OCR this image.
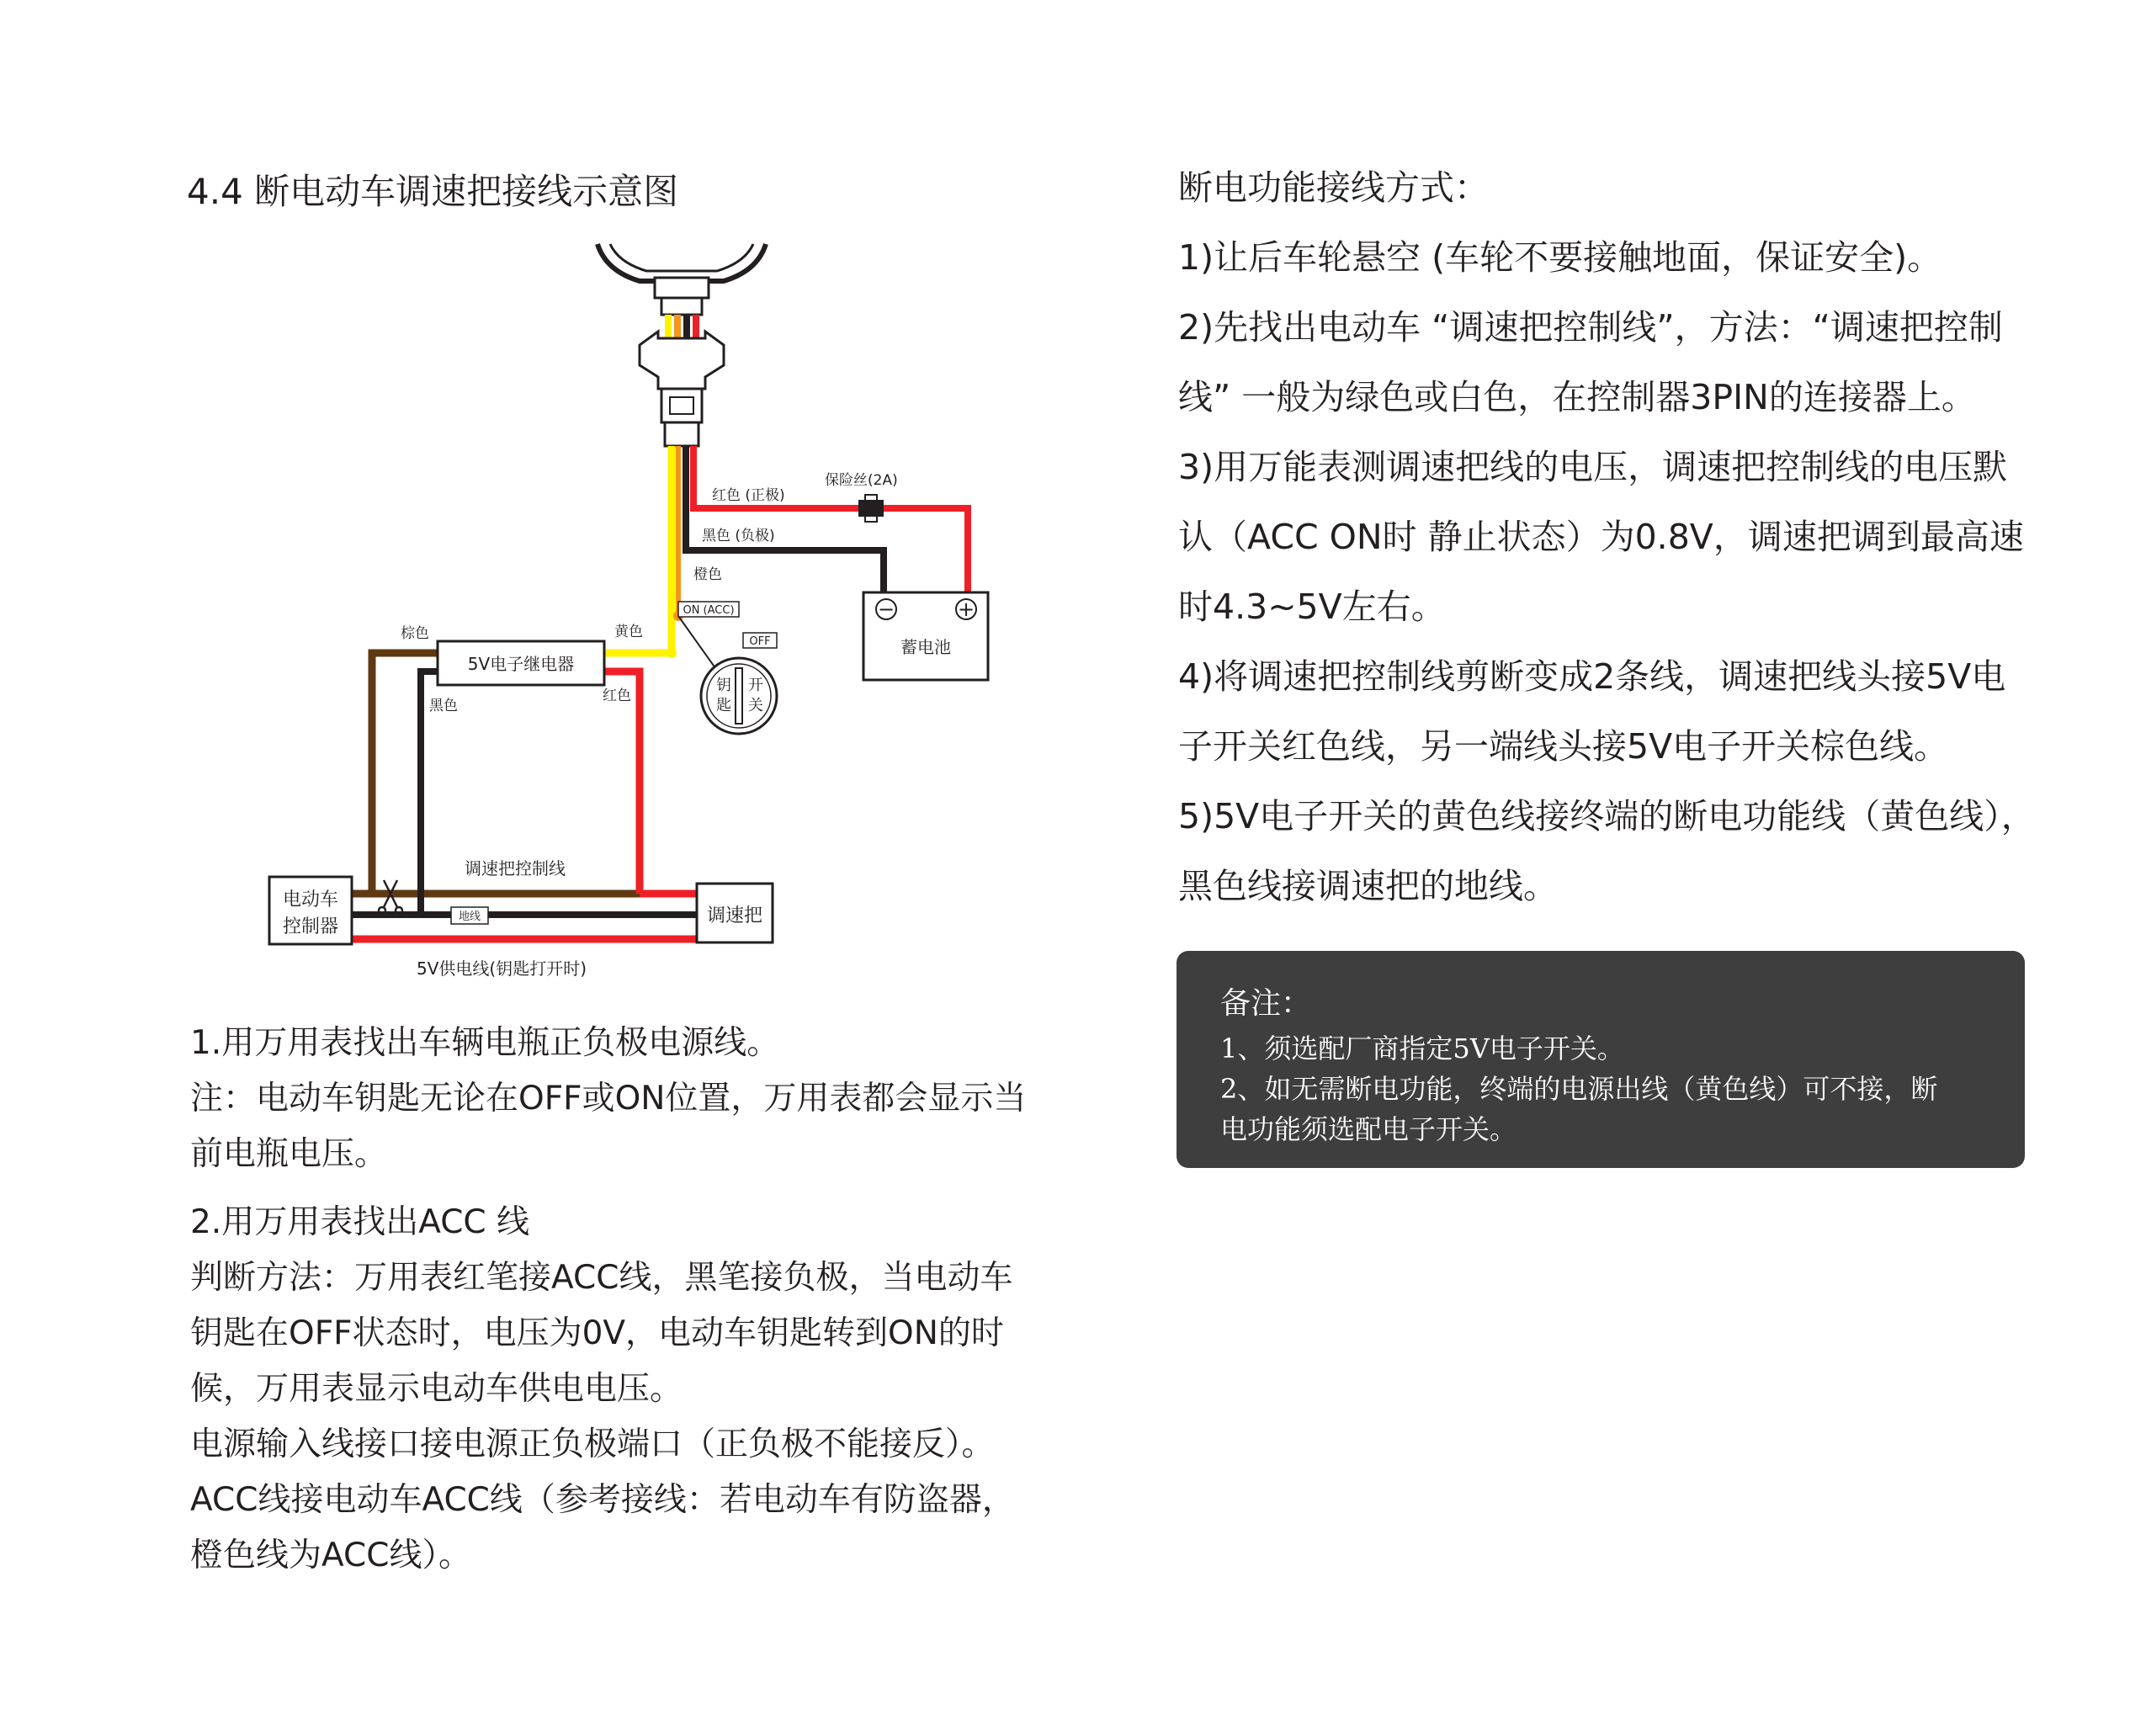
4.4 断电动车调速把接线示意图
−	+
蓄电池
钥
匙
开
关
OFF
ON (ACC)
5V电子继电器
电动车
控制器
调速把
地线
红色 (正极)
保险丝(2A)
黑色 (负极)
橙色
黄色
棕色
黑色
红色
调速把控制线
5V供电线(钥匙打开时)
1.用万用表找出车辆电瓶正负极电源线。
注：电动车钥匙无论在OFF或ON位置，万用表都会显示当
前电瓶电压。
2.用万用表找出ACC 线
判断方法：万用表红笔接ACC线，黑笔接负极，当电动车
钥匙在OFF状态时，电压为0V，电动车钥匙转到ON的时
候，万用表显示电动车供电电压。
电源输入线接口接电源正负极端口（正负极不能接反）。
ACC线接电动车ACC线（参考接线：若电动车有防盗器，
橙色线为ACC线）。
断电功能接线方式：
1)让后车轮悬空 (车轮不要接触地面，保证安全)。
2)先找出电动车 “调速把控制线”，方法：“调速把控制
线” 一般为绿色或白色，在控制器3PIN的连接器上。
3)用万能表测调速把线的电压，调速把控制线的电压默
认（ACC ON时 静止状态）为0.8V，调速把调到最高速
时4.3~5V左右。
4)将调速把控制线剪断变成2条线，调速把线头接5V电
子开关红色线，另一端线头接5V电子开关棕色线。
5)5V电子开关的黄色线接终端的断电功能线（黄色线），
黑色线接调速把的地线。
备注：
1、须选配厂商指定5V电子开关。
2、如无需断电功能，终端的电源出线（黄色线）可不接，断
电功能须选配电子开关。
